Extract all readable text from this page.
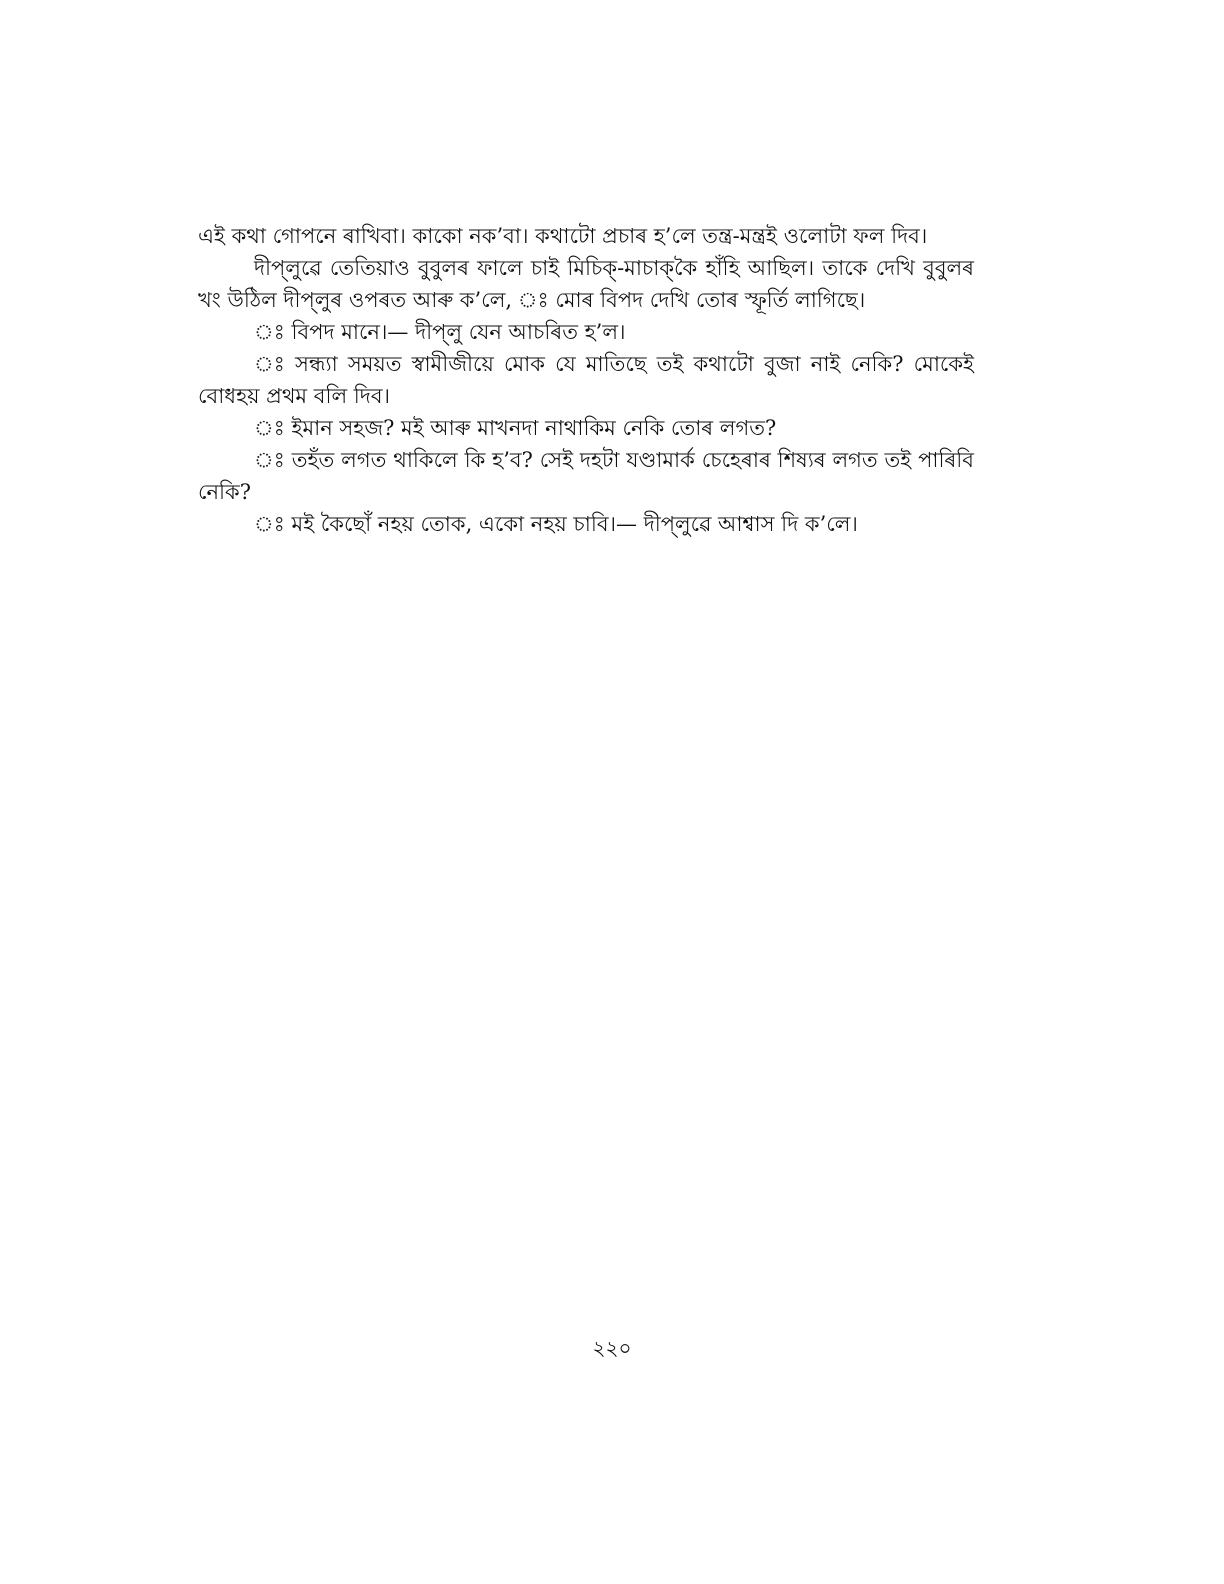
এই কথা গোপনে ৰাখিবা। কাকো নক’বা। কথাটো প্ৰচাৰ হ’লে তন্ত্ৰ-মন্ত্ৰই ওলোটা ফল দিব।

দীপ্‌লুৱে তেতিয়াও বুবুলৰ ফালে চাই মিচিক্‌-মাচাক্‌কৈ হাঁহি আছিল। তাকে দেখি বুবুলৰ খং উঠিল দীপ্‌লুৰ ওপৰত আৰু ক’লে, ঃ মোৰ বিপদ দেখি তোৰ স্ফূৰ্তি লাগিছে।

ঃ বিপদ মানে।— দীপ্‌লু যেন আচৰিত হ’ল।

ঃ সন্ধ্যা সময়ত স্বামীজীয়ে মোক যে মাতিছে তই কথাটো বুজা নাই নেকি? মোকেই বোধহয় প্ৰথম বলি দিব।

ঃ ইমান সহজ? মই আৰু মাখনদা নাথাকিম নেকি তোৰ লগত?

ঃ তহঁত লগত থাকিলে কি হ’ব? সেই দহটা যণ্ডামাৰ্ক চেহেৰাৰ শিষ্যৰ লগত তই পাৰিবি নেকি?

ঃ মই কৈছোঁ নহয় তোক, একো নহয় চাবি।— দীপ্‌লুৱে আশ্বাস দি ক’লে।

২২০
